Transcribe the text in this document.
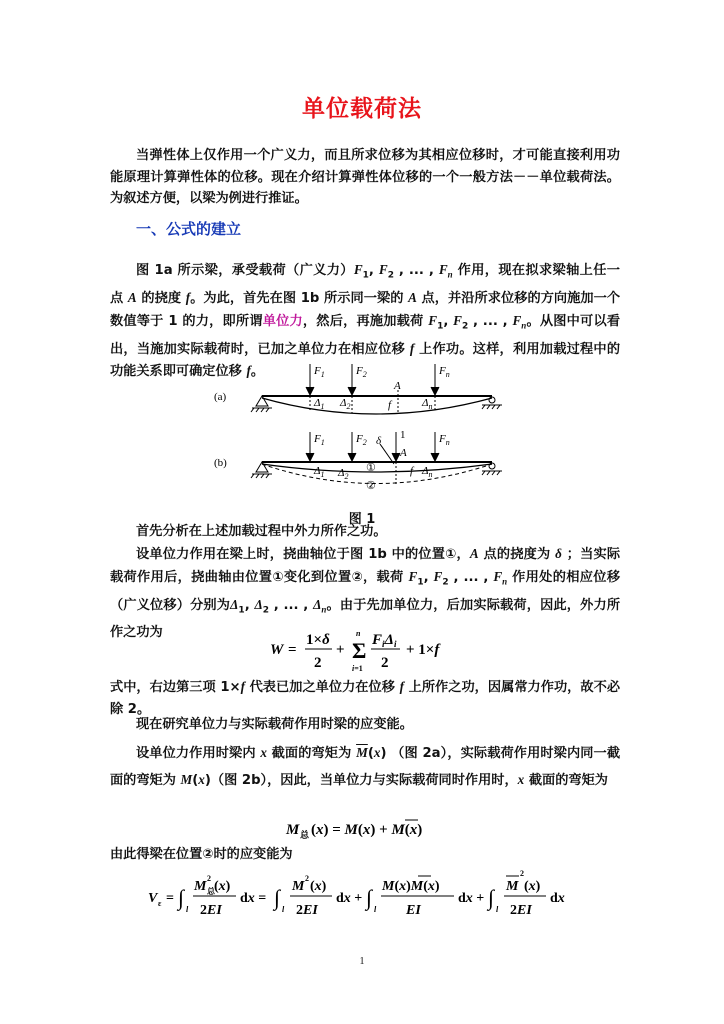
单位载荷法

当弹性体上仅作用一个广义力，而且所求位移为其相应位移时，才可能直接利用功能原理计算弹性体的位移。现在介绍计算弹性体位移的一个一般方法－－单位载荷法。为叙述方便，以梁为例进行推证。

一、公式的建立

图 1a 所示梁，承受载荷（广义力）$F_1$, $F_2$ , ... , $F_n$ 作用，现在拟求梁轴上任一点 A 的挠度 f。为此，首先在图 1b 所示同一梁的 A 点，并沿所求位移的方向施加一个数值等于 1 的力，即所谓单位力，然后，再施加载荷 $F_1$, $F_2$ , ... , $F_n$。从图中可以看出，当施加实际载荷时，已加之单位力在相应位移 f 上作功。这样，利用加载过程中的功能关系即可确定位移 f。

(a)
(b)
$F_1$	$F_2$	$F_n$
A
f
$\Delta_1$ $\Delta_2$	$\Delta_n$
$F_1$	$F_2$	$F_n$
δ 1
A
f
$\Delta_1$ $\Delta_2$	$\Delta_n$
①
②
图 1

首先分析在上述加载过程中外力所作之功。

设单位力作用在梁上时，挠曲轴位于图 1b 中的位置①，A 点的挠度为 δ ；当实际载荷作用后，挠曲轴由位置①变化到位置②，载荷 $F_1$, $F_2$ , ... , $F_n$ 作用处的相应位移（广义位移）分别为$\Delta_1$, $\Delta_2$ , ... , $\Delta_n$。由于先加单位力，后加实际载荷，因此，外力所作之功为

W =
1×δ
2
+ Σ
n
i=1
$F_i\Delta_i$
2
+ 1×f

式中，右边第三项 1×f 代表已加之单位力在位移 f 上所作之功，因属常力作功，故不必除 2。

现在研究单位力与实际载荷作用时梁的应变能。

设单位力作用时梁内 x 截面的弯矩为 $\overline{M}(x)$ （图 2a），实际载荷作用时梁内同一截面的弯矩为 M(x)（图 2b），因此，当单位力与实际载荷同时作用时，x 截面的弯矩为

M 总 (x) = M(x) + M(x)

由此得梁在位置②时的应变能为

V ε = ∫ l
M
2
总 (x)
2EI
dx = ∫ l
M
2
(x)
2EI
dx + ∫ l
M(x)M(x)
EI
dx + ∫ l
M
2
(x)
2EI
dx
1
